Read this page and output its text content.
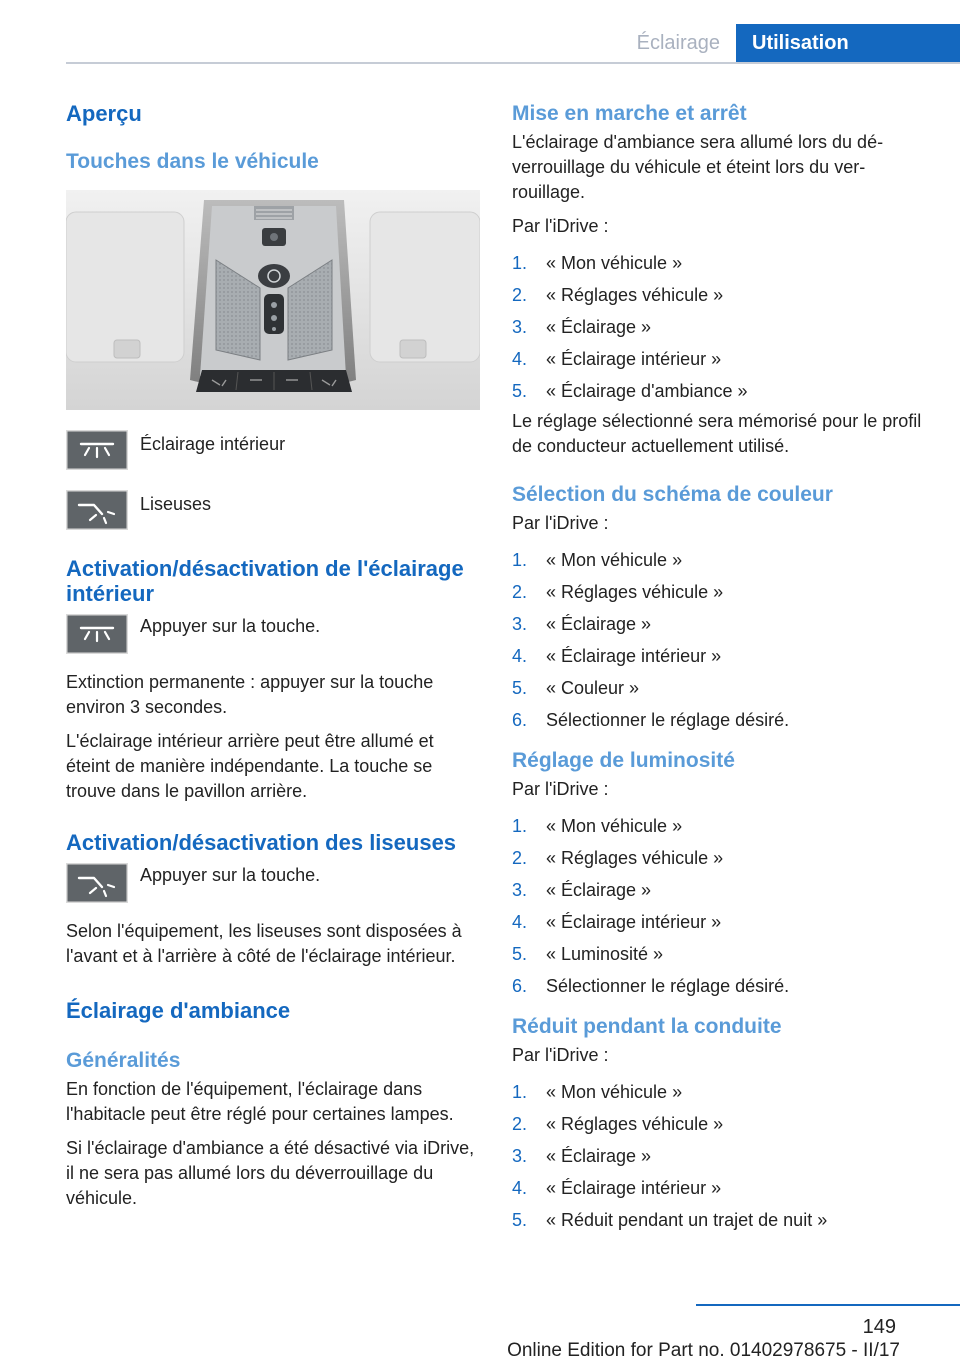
Éclairage	Utilisation
Aperçu
Touches dans le véhicule
Éclairage intérieur
Liseuses
Activation/désactivation de l'éclairage intérieur
Appuyer sur la touche.

Extinction permanente : appuyer sur la touche environ 3 secondes.

L'éclairage intérieur arrière peut être allumé et éteint de manière indépendante. La touche se trouve dans le pavillon arrière.

Activation/désactivation des liseuses
Appuyer sur la touche.

Selon l'équipement, les liseuses sont disposées à l'avant et à l'arrière à côté de l'éclairage intérieur.

Éclairage d'ambiance
Généralités

En fonction de l'équipement, l'éclairage dans l'habitacle peut être réglé pour certaines lampes.

Si l'éclairage d'ambiance a été désactivé via iDrive, il ne sera pas allumé lors du déverrouillage du véhicule.

Mise en marche et arrêt

L'éclairage d'ambiance sera allumé lors du déverrouillage du véhicule et éteint lors du verrouillage.

Par l'iDrive :

1.	« Mon véhicule »
2.	« Réglages véhicule »
3.	« Éclairage »
4.	« Éclairage intérieur »
5.	« Éclairage d'ambiance »

Le réglage sélectionné sera mémorisé pour le profil de conducteur actuellement utilisé.

Sélection du schéma de couleur

Par l'iDrive :

1.	« Mon véhicule »
2.	« Réglages véhicule »
3.	« Éclairage »
4.	« Éclairage intérieur »
5.	« Couleur »
6.	Sélectionner le réglage désiré.
Réglage de luminosité

Par l'iDrive :

1.	« Mon véhicule »
2.	« Réglages véhicule »
3.	« Éclairage »
4.	« Éclairage intérieur »
5.	« Luminosité »
6.	Sélectionner le réglage désiré.
Réduit pendant la conduite

Par l'iDrive :

1.	« Mon véhicule »
2.	« Réglages véhicule »
3.	« Éclairage »
4.	« Éclairage intérieur »
5.	« Réduit pendant un trajet de nuit »
149
Online Edition for Part no. 01402978675 - II/17
